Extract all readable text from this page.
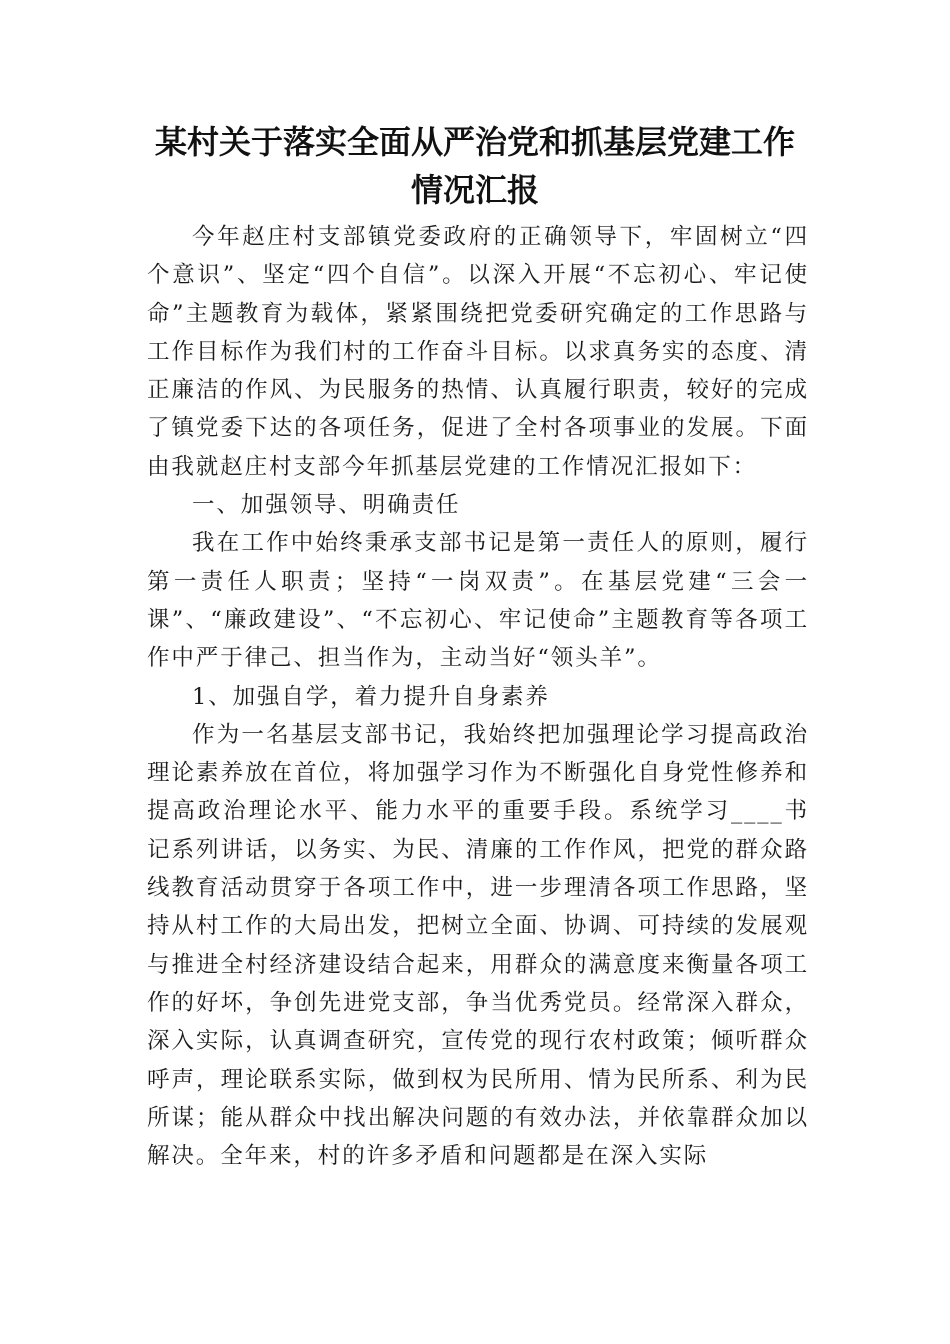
某村关于落实全面从严治党和抓基层党建工作情况汇报

今年赵庄村支部镇党委政府的正确领导下，牢固树立“四个意识”、坚定“四个自信”。以深入开展“不忘初心、牢记使命”主题教育为载体，紧紧围绕把党委研究确定的工作思路与工作目标作为我们村的工作奋斗目标。以求真务实的态度、清正廉洁的作风、为民服务的热情、认真履行职责，较好的完成了镇党委下达的各项任务，促进了全村各项事业的发展。下面由我就赵庄村支部今年抓基层党建的工作情况汇报如下：

一、加强领导、明确责任

我在工作中始终秉承支部书记是第一责任人的原则，履行第一责任人职责；坚持“一岗双责”。在基层党建“三会一课”、“廉政建设”、“不忘初心、牢记使命”主题教育等各项工作中严于律己、担当作为，主动当好“领头羊”。

1、加强自学，着力提升自身素养

作为一名基层支部书记，我始终把加强理论学习提高政治理论素养放在首位，将加强学习作为不断强化自身党性修养和提高政治理论水平、能力水平的重要手段。系统学习____书记系列讲话，以务实、为民、清廉的工作作风，把党的群众路线教育活动贯穿于各项工作中，进一步理清各项工作思路，坚持从村工作的大局出发，把树立全面、协调、可持续的发展观与推进全村经济建设结合起来，用群众的满意度来衡量各项工作的好坏，争创先进党支部，争当优秀党员。经常深入群众，深入实际，认真调查研究，宣传党的现行农村政策；倾听群众呼声，理论联系实际，做到权为民所用、情为民所系、利为民所谋；能从群众中找出解决问题的有效办法，并依靠群众加以解决。全年来，村的许多矛盾和问题都是在深入实际
